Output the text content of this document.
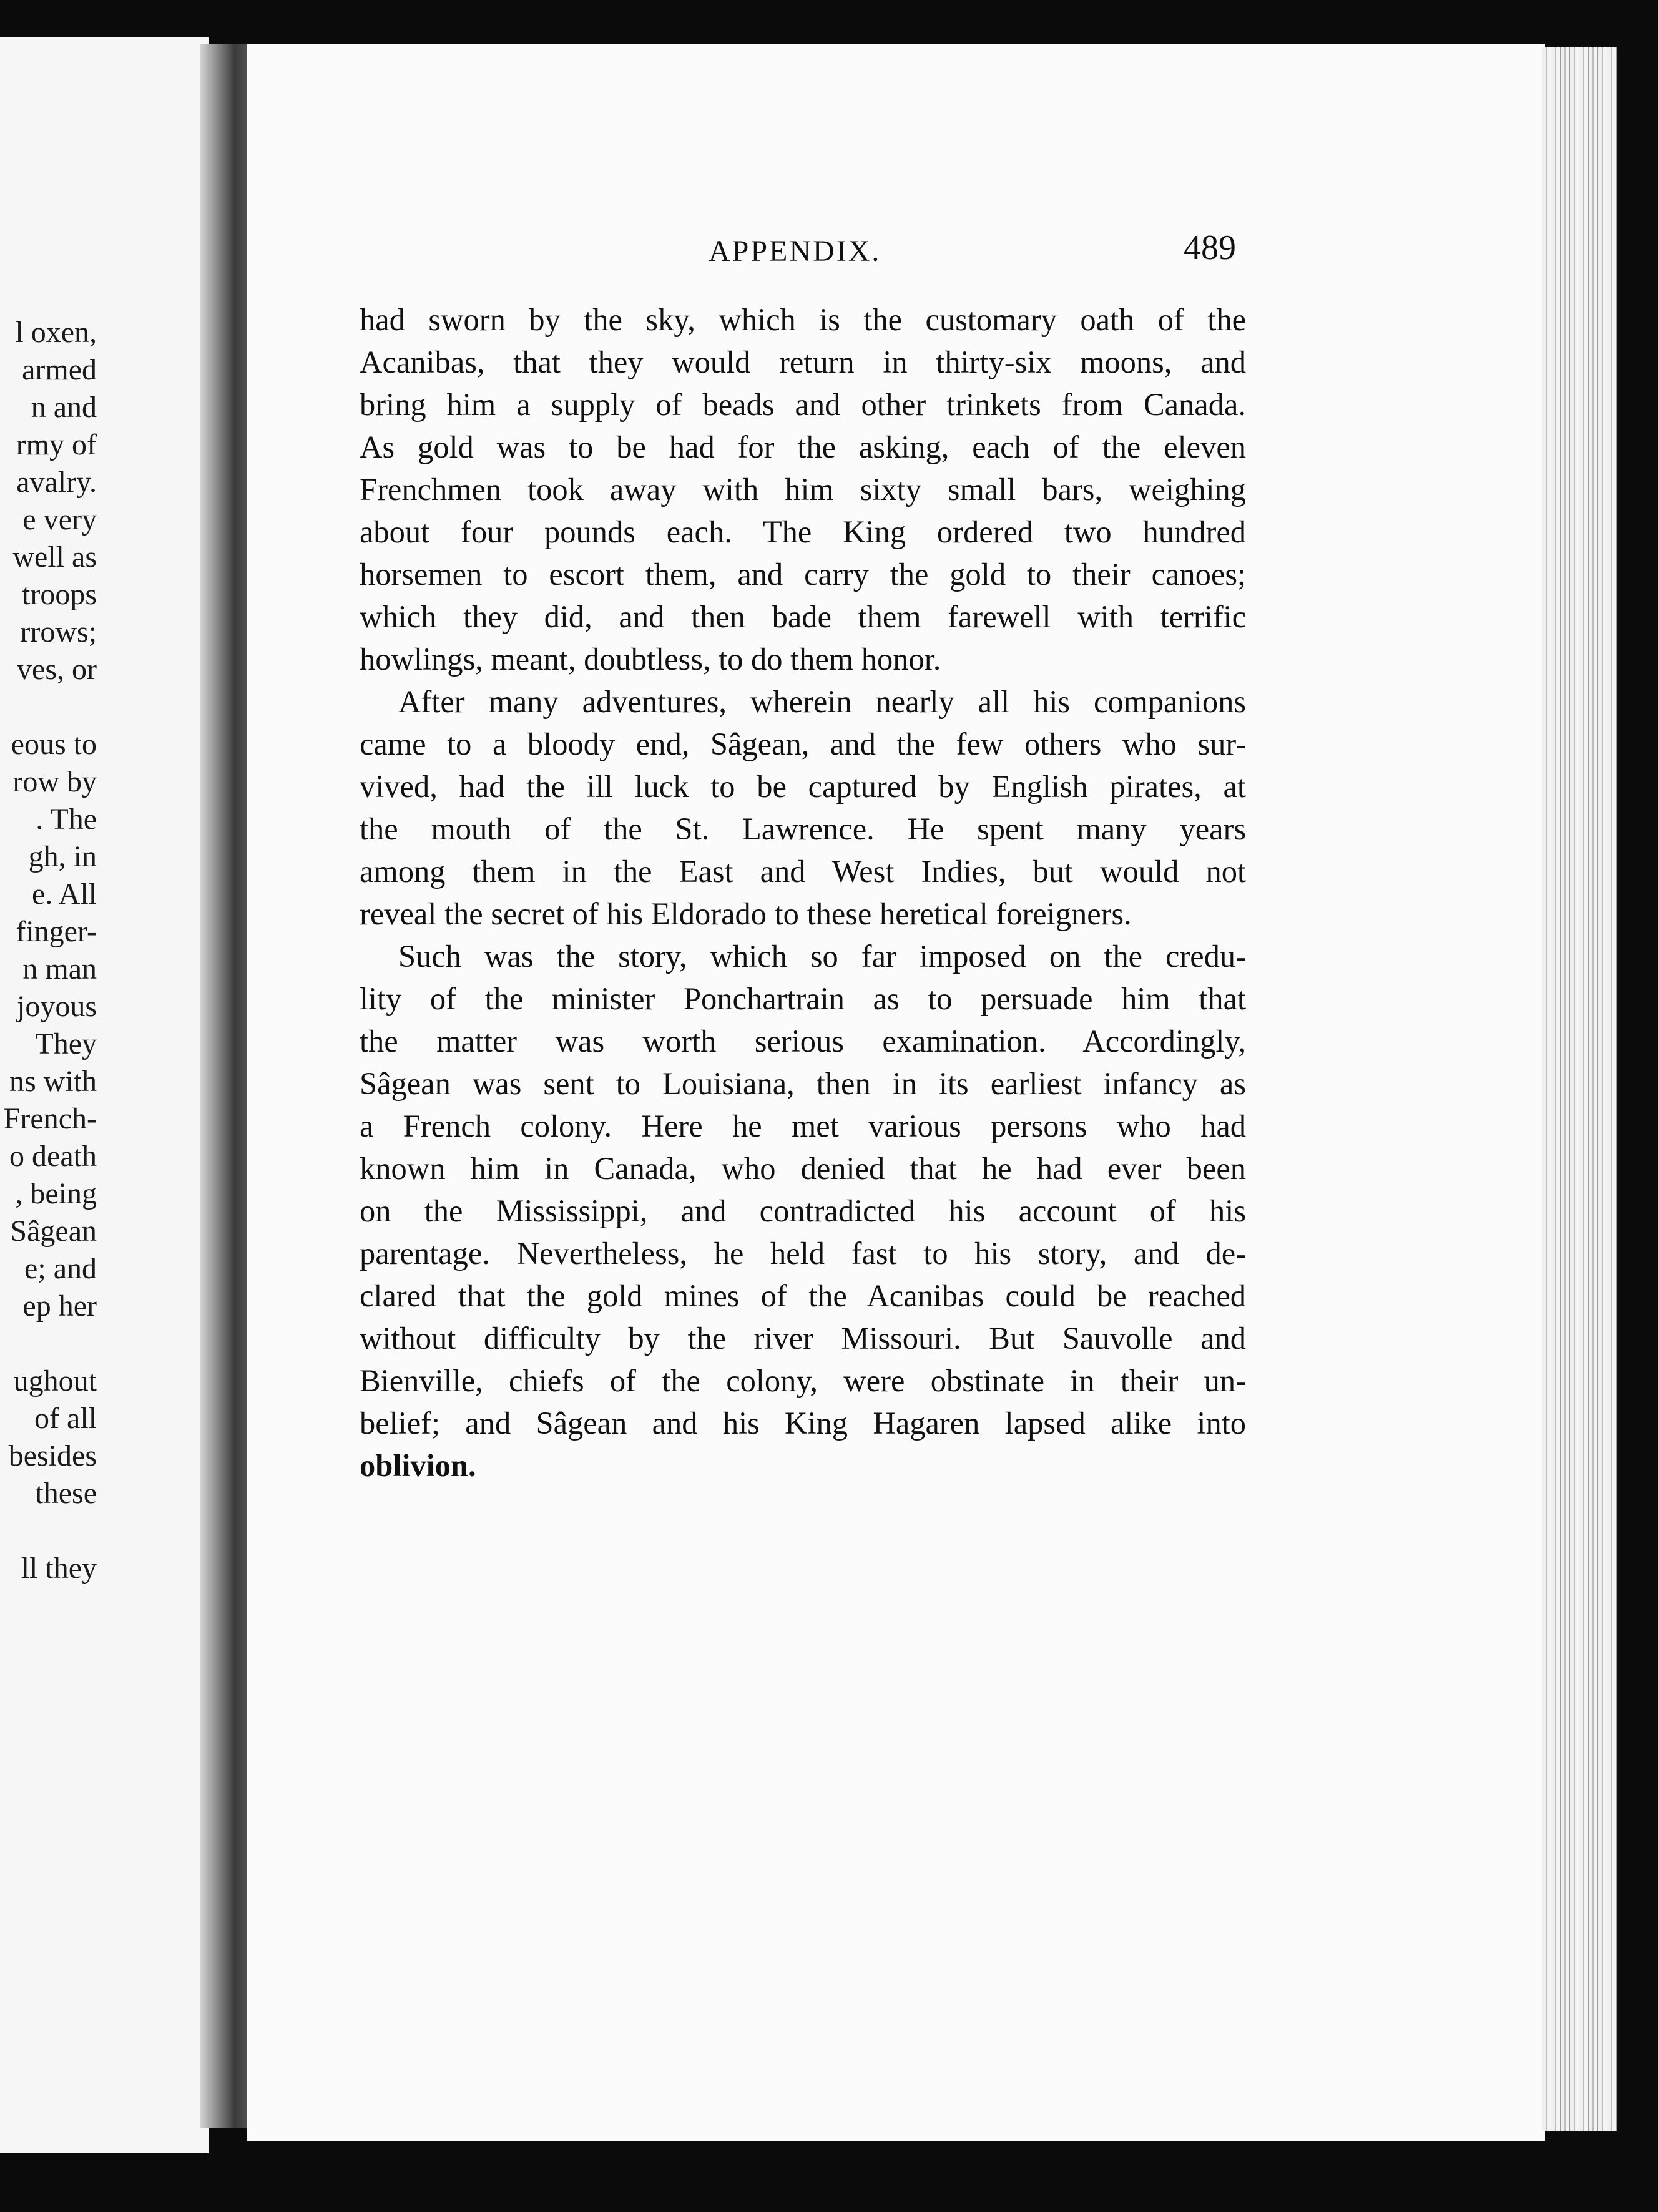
l oxen,
armed
n and
rmy of
avalry.
e very
well as
troops
rrows;
ves, or
eous to
row by
. The
gh, in
e. All
finger-
n man
joyous
They
ns with
French-
o death
, being
Sâgean
e; and
ep her
ughout
of all
besides
these
ll they
APPENDIX.	489
had sworn by the sky, which is the customary oath of the
Acanibas, that they would return in thirty-six moons, and
bring him a supply of beads and other trinkets from Canada.
As gold was to be had for the asking, each of the eleven
Frenchmen took away with him sixty small bars, weighing
about four pounds each. The King ordered two hundred
horsemen to escort them, and carry the gold to their canoes;
which they did, and then bade them farewell with terrific
howlings, meant, doubtless, to do them honor.
After many adventures, wherein nearly all his companions
came to a bloody end, Sâgean, and the few others who sur-
vived, had the ill luck to be captured by English pirates, at
the mouth of the St. Lawrence. He spent many years
among them in the East and West Indies, but would not
reveal the secret of his Eldorado to these heretical foreigners.
Such was the story, which so far imposed on the credu-
lity of the minister Ponchartrain as to persuade him that
the matter was worth serious examination. Accordingly,
Sâgean was sent to Louisiana, then in its earliest infancy as
a French colony. Here he met various persons who had
known him in Canada, who denied that he had ever been
on the Mississippi, and contradicted his account of his
parentage. Nevertheless, he held fast to his story, and de-
clared that the gold mines of the Acanibas could be reached
without difficulty by the river Missouri. But Sauvolle and
Bienville, chiefs of the colony, were obstinate in their un-
belief; and Sâgean and his King Hagaren lapsed alike into
oblivion.
